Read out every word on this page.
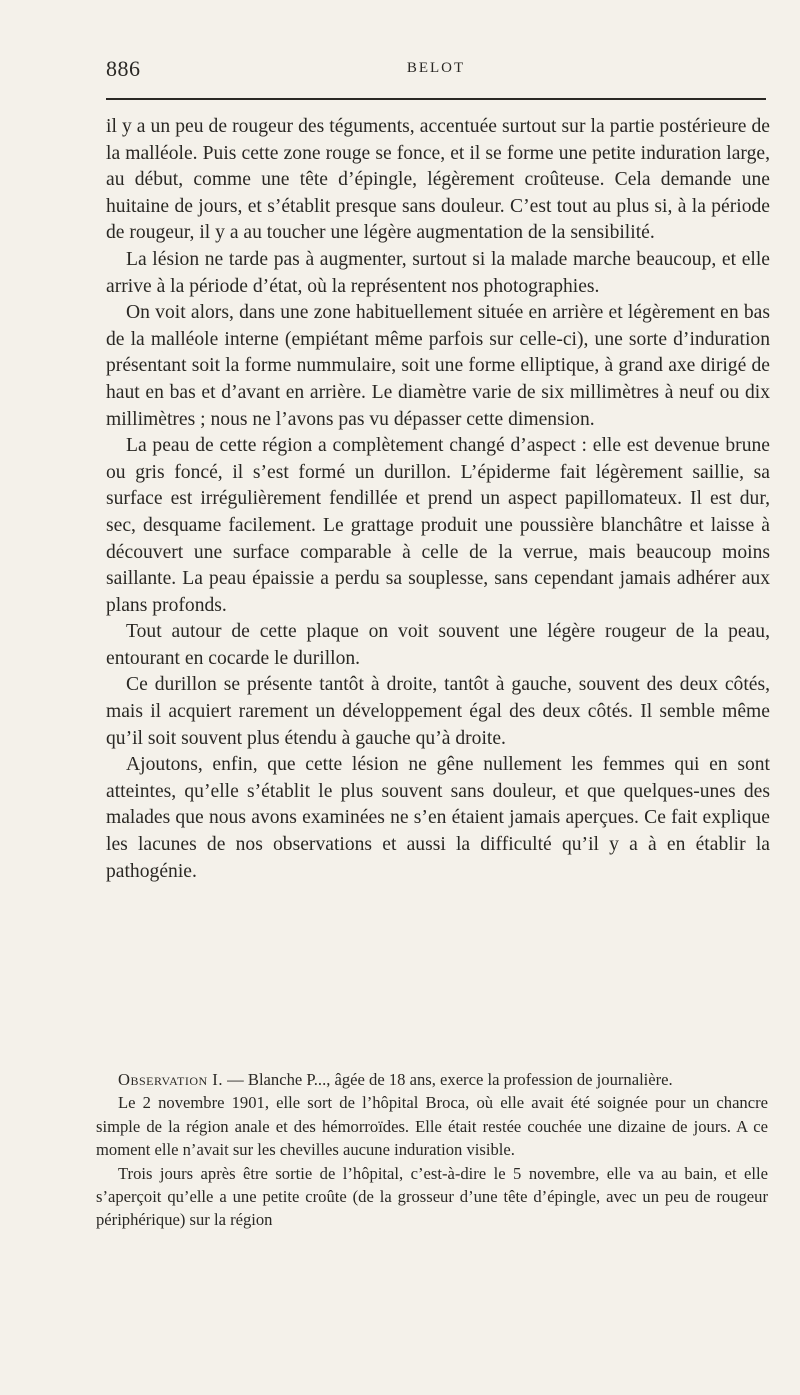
886	BELOT

il y a un peu de rougeur des téguments, accentuée surtout sur la partie postérieure de la malléole. Puis cette zone rouge se fonce, et il se forme une petite induration large, au début, comme une tête d’épingle, légèrement croûteuse. Cela demande une huitaine de jours, et s’établit presque sans douleur. C’est tout au plus si, à la période de rougeur, il y a au toucher une légère augmentation de la sensibilité.

La lésion ne tarde pas à augmenter, surtout si la malade marche beaucoup, et elle arrive à la période d’état, où la représentent nos photographies.

On voit alors, dans une zone habituellement située en arrière et légèrement en bas de la malléole interne (empiétant même parfois sur celle-ci), une sorte d’induration présentant soit la forme nummulaire, soit une forme elliptique, à grand axe dirigé de haut en bas et d’avant en arrière. Le diamètre varie de six millimètres à neuf ou dix millimètres ; nous ne l’avons pas vu dépasser cette dimension.

La peau de cette région a complètement changé d’aspect : elle est devenue brune ou gris foncé, il s’est formé un durillon. L’épiderme fait légèrement saillie, sa surface est irrégulièrement fendillée et prend un aspect papillomateux. Il est dur, sec, desquame facilement. Le grattage produit une poussière blanchâtre et laisse à découvert une surface comparable à celle de la verrue, mais beaucoup moins saillante. La peau épaissie a perdu sa souplesse, sans cependant jamais adhérer aux plans profonds.

Tout autour de cette plaque on voit souvent une légère rougeur de la peau, entourant en cocarde le durillon.

Ce durillon se présente tantôt à droite, tantôt à gauche, souvent des deux côtés, mais il acquiert rarement un développement égal des deux côtés. Il semble même qu’il soit souvent plus étendu à gauche qu’à droite.

Ajoutons, enfin, que cette lésion ne gêne nullement les femmes qui en sont atteintes, qu’elle s’établit le plus souvent sans douleur, et que quelques-unes des malades que nous avons examinées ne s’en étaient jamais aperçues. Ce fait explique les lacunes de nos observations et aussi la difficulté qu’il y a à en établir la pathogénie.

Observation I. — Blanche P..., âgée de 18 ans, exerce la profession de journalière.

Le 2 novembre 1901, elle sort de l’hôpital Broca, où elle avait été soignée pour un chancre simple de la région anale et des hémorroïdes. Elle était restée couchée une dizaine de jours. A ce moment elle n’avait sur les chevilles aucune induration visible.

Trois jours après être sortie de l’hôpital, c’est-à-dire le 5 novembre, elle va au bain, et elle s’aperçoit qu’elle a une petite croûte (de la grosseur d’une tête d’épingle, avec un peu de rougeur périphérique) sur la région
